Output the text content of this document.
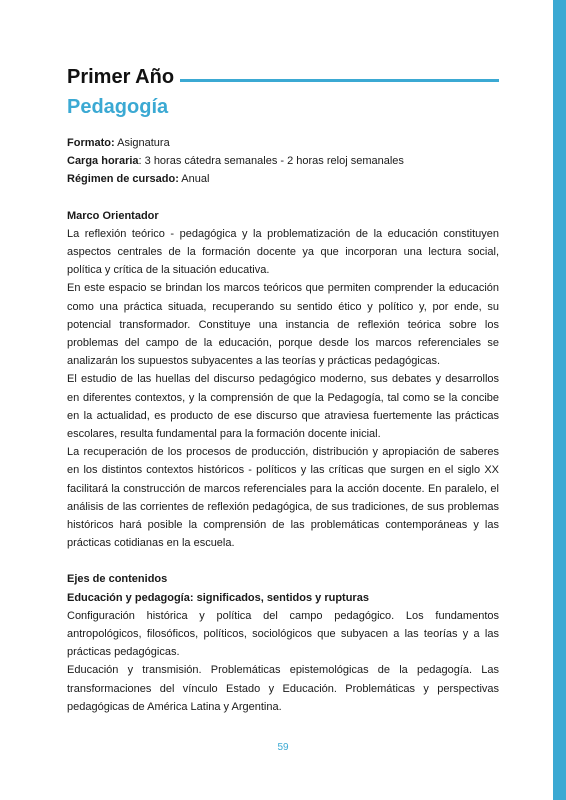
Primer Año
Pedagogía
Formato: Asignatura
Carga horaria: 3 horas cátedra semanales - 2 horas reloj semanales
Régimen de cursado: Anual
Marco Orientador

La reflexión teórico - pedagógica y la problematización de la educación constituyen aspectos centrales de la formación docente ya que incorporan una lectura social, política y crítica de la situación educativa.

En este espacio se brindan los marcos teóricos que permiten comprender la educación como una práctica situada, recuperando su sentido ético y político y, por ende, su potencial transformador. Constituye una instancia de reflexión teórica sobre los problemas del campo de la educación, porque desde los marcos referenciales se analizarán los supuestos subyacentes a las teorías y prácticas pedagógicas.

El estudio de las huellas del discurso pedagógico moderno, sus debates y desarrollos en diferentes contextos, y la comprensión de que la Pedagogía, tal como se la concibe en la actualidad, es producto de ese discurso que atraviesa fuertemente las prácticas escolares, resulta fundamental para la formación docente inicial.

La recuperación de los procesos de producción, distribución y apropiación de saberes en los distintos contextos históricos - políticos y las críticas que surgen en el siglo XX facilitará la construcción de marcos referenciales para la acción docente. En paralelo, el análisis de las corrientes de reflexión pedagógica, de sus tradiciones, de sus problemas históricos hará posible la comprensión de las problemáticas contemporáneas y las prácticas cotidianas en la escuela.

Ejes de contenidos
Educación y pedagogía: significados, sentidos y rupturas

Configuración histórica y política del campo pedagógico. Los fundamentos antropológicos, filosóficos, políticos, sociológicos que subyacen a las teorías y a las prácticas pedagógicas.

Educación y transmisión. Problemáticas epistemológicas de la pedagogía. Las transformaciones del vínculo Estado y Educación. Problemáticas y perspectivas pedagógicas de América Latina y Argentina.

59
